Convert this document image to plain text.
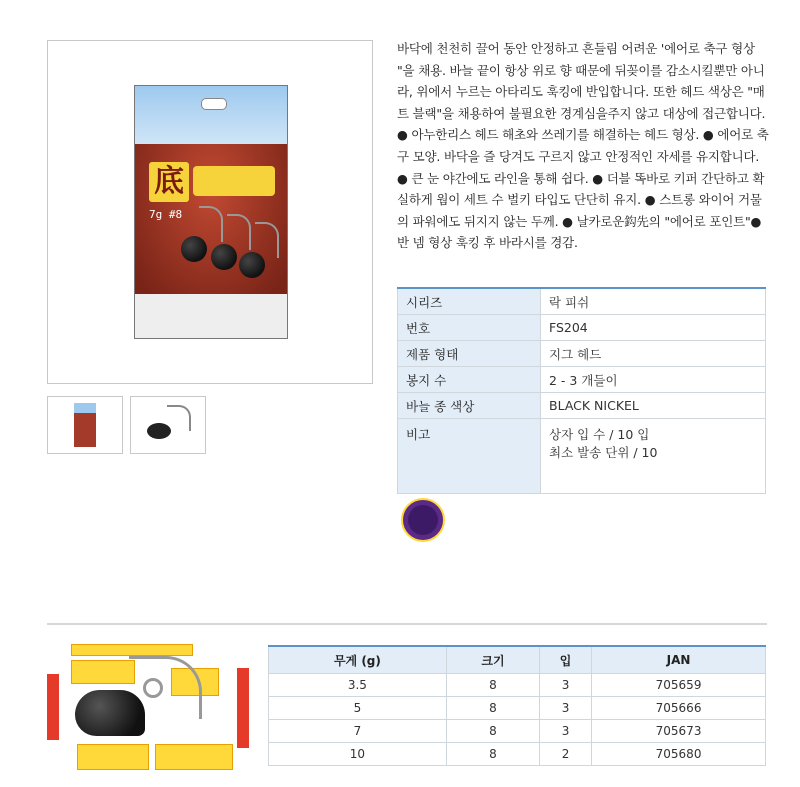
底
7g #8

바닥에 천천히 끌어 동안 안정하고 흔들림 어려운 '에어로 축구 형상 "을 채용. 바늘 끝이 항상 위로 향 때문에 뒤꽂이를 감소시킬뿐만 아니라, 위에서 누르는 아타리도 훅킹에 반입합니다. 또한 헤드 색상은 "매트 블랙"을 채용하여 불필요한 경계심을주지 않고 대상에 접근합니다.
● 아누한리스 헤드 해초와 쓰레기를 해결하는 헤드 형상. ● 에어로 축구 모양. 바닥을 즐 당겨도 구르지 않고 안정적인 자세를 유지합니다. ● 큰 눈 야간에도 라인을 통해 쉽다. ● 더블 똑바로 키퍼 간단하고 확실하게 웜이 세트 수 벌키 타입도 단단히 유지. ● 스트롱 와이어 거물의 파워에도 뒤지지 않는 두께. ● 날카로운鈎先의 "에어로 포인트"● 반 넴 형상 훅킹 후 바라시를 경감.

시리즈	락 피쉬
번호	FS204
제품 형태	지그 헤드
봉지 수	2 - 3 개들이
바늘 종 색상	BLACK NICKEL
비고	상자 입 수 / 10 입
최소 발송 단위 / 10
무게 (g)	크기	입	JAN
3.5	8	3	705659
5	8	3	705666
7	8	3	705673
10	8	2	705680
